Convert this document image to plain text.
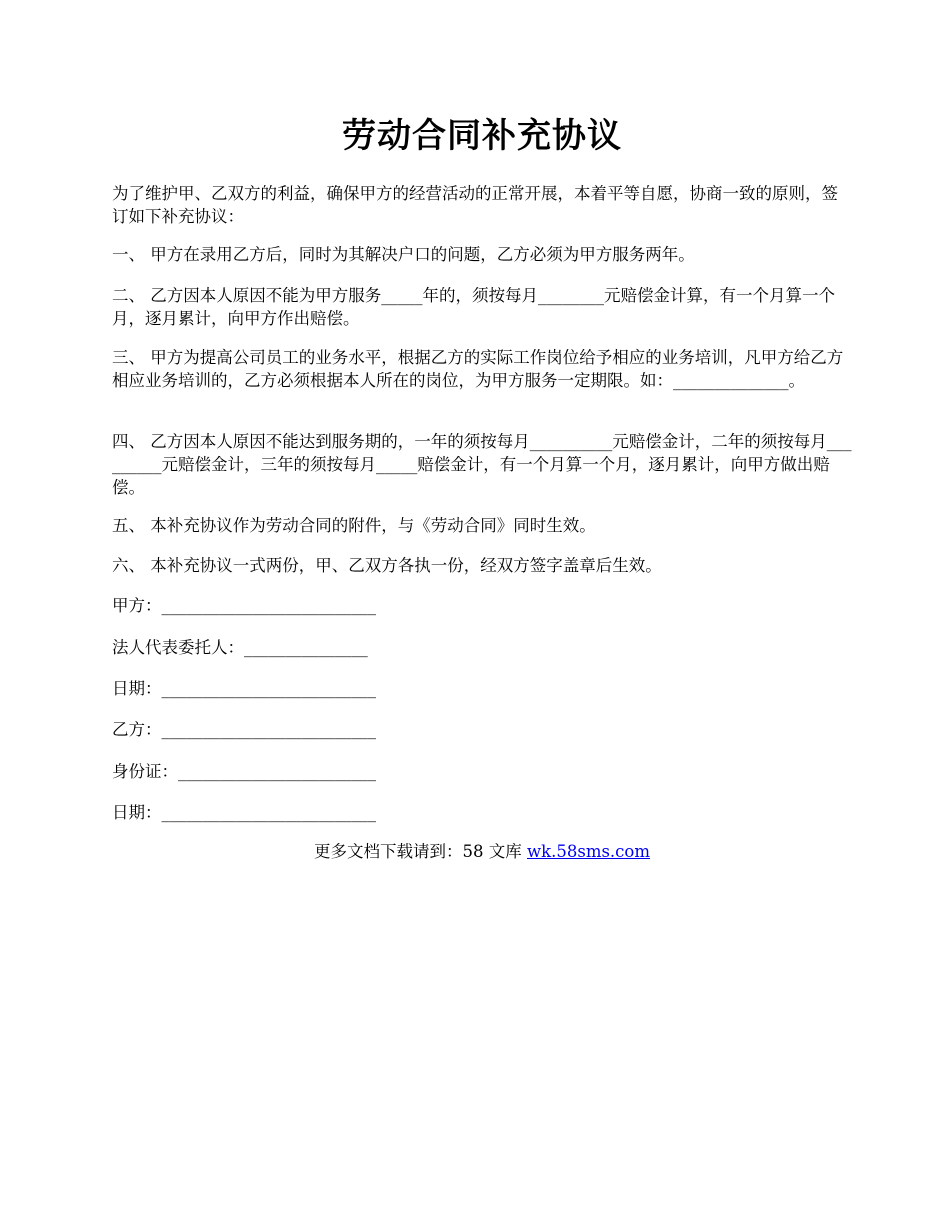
劳动合同补充协议
为了维护甲、乙双方的利益，确保甲方的经营活动的正常开展，本着平等自愿，协商一致的原则，签订如下补充协议：
一、 甲方在录用乙方后，同时为其解决户口的问题，乙方必须为甲方服务两年。
二、 乙方因本人原因不能为甲方服务_____年的，须按每月________元赔偿金计算，有一个月算一个月，逐月累计，向甲方作出赔偿。
三、 甲方为提高公司员工的业务水平，根据乙方的实际工作岗位给予相应的业务培训，凡甲方给乙方相应业务培训的，乙方必须根据本人所在的岗位，为甲方服务一定期限。如：______________。
四、 乙方因本人原因不能达到服务期的，一年的须按每月__________元赔偿金计，二年的须按每月_________元赔偿金计，三年的须按每月_____赔偿金计，有一个月算一个月，逐月累计，向甲方做出赔偿。
五、 本补充协议作为劳动合同的附件，与《劳动合同》同时生效。
六、 本补充协议一式两份，甲、乙双方各执一份，经双方签字盖章后生效。
甲方：__________________________
法人代表委托人：_______________
日期：__________________________
乙方：__________________________
身份证：________________________
日期：__________________________
更多文档下载请到：58 文库 wk.58sms.com
